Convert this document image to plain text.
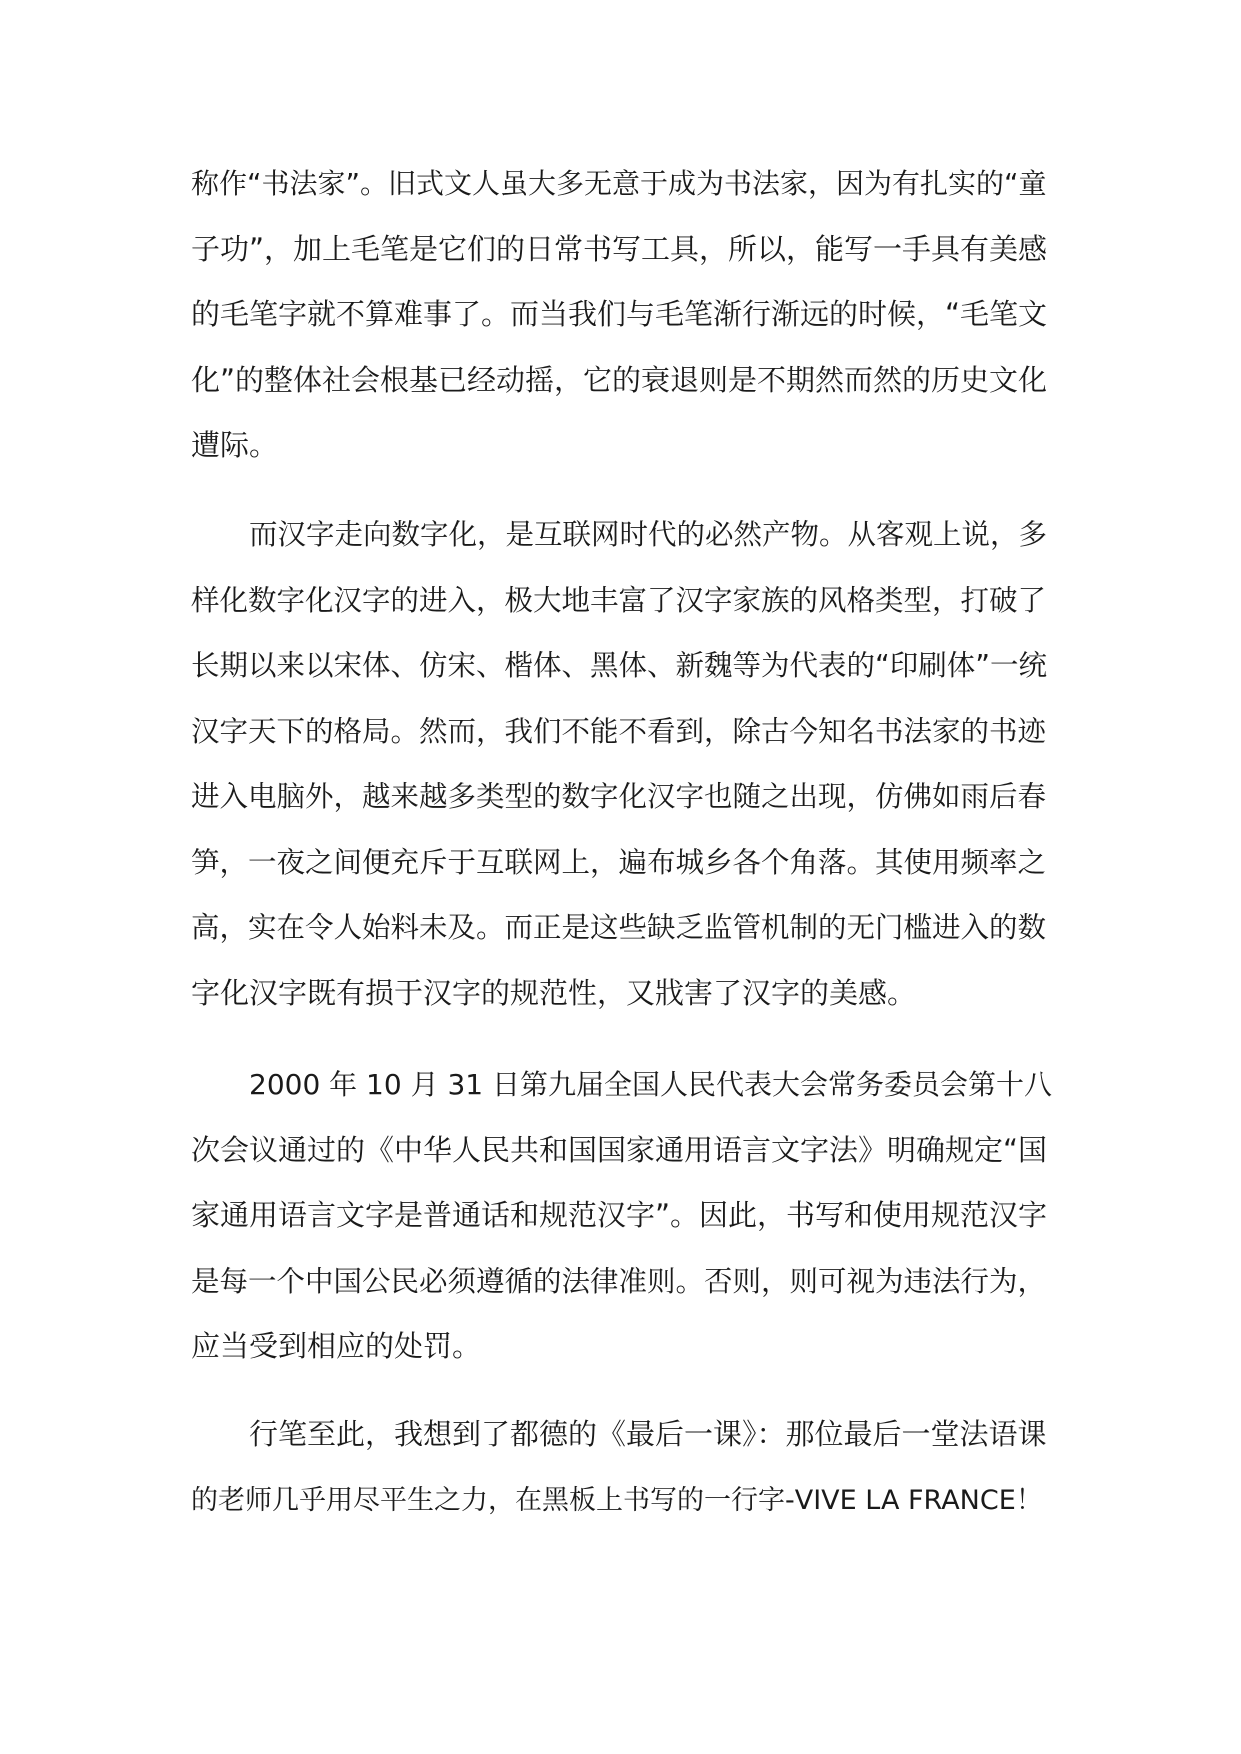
称作“书法家”。旧式文人虽大多无意于成为书法家，因为有扎实的“童
子功”，加上毛笔是它们的日常书写工具，所以，能写一手具有美感
的毛笔字就不算难事了。而当我们与毛笔渐行渐远的时候，“毛笔文
化”的整体社会根基已经动摇，它的衰退则是不期然而然的历史文化
遭际。
而汉字走向数字化，是互联网时代的必然产物。从客观上说，多
样化数字化汉字的进入，极大地丰富了汉字家族的风格类型，打破了
长期以来以宋体、仿宋、楷体、黑体、新魏等为代表的“印刷体”一统
汉字天下的格局。然而，我们不能不看到，除古今知名书法家的书迹
进入电脑外，越来越多类型的数字化汉字也随之出现，仿佛如雨后春
笋，一夜之间便充斥于互联网上，遍布城乡各个角落。其使用频率之
高，实在令人始料未及。而正是这些缺乏监管机制的无门槛进入的数
字化汉字既有损于汉字的规范性，又戕害了汉字的美感。
2000 年 10 月 31 日第九届全国人民代表大会常务委员会第十八
次会议通过的《中华人民共和国国家通用语言文字法》明确规定“国
家通用语言文字是普通话和规范汉字”。因此，书写和使用规范汉字
是每一个中国公民必须遵循的法律准则。否则，则可视为违法行为，
应当受到相应的处罚。
行笔至此，我想到了都德的《最后一课》：那位最后一堂法语课
的老师几乎用尽平生之力，在黑板上书写的一行字-VIVE LA FRANCE！
